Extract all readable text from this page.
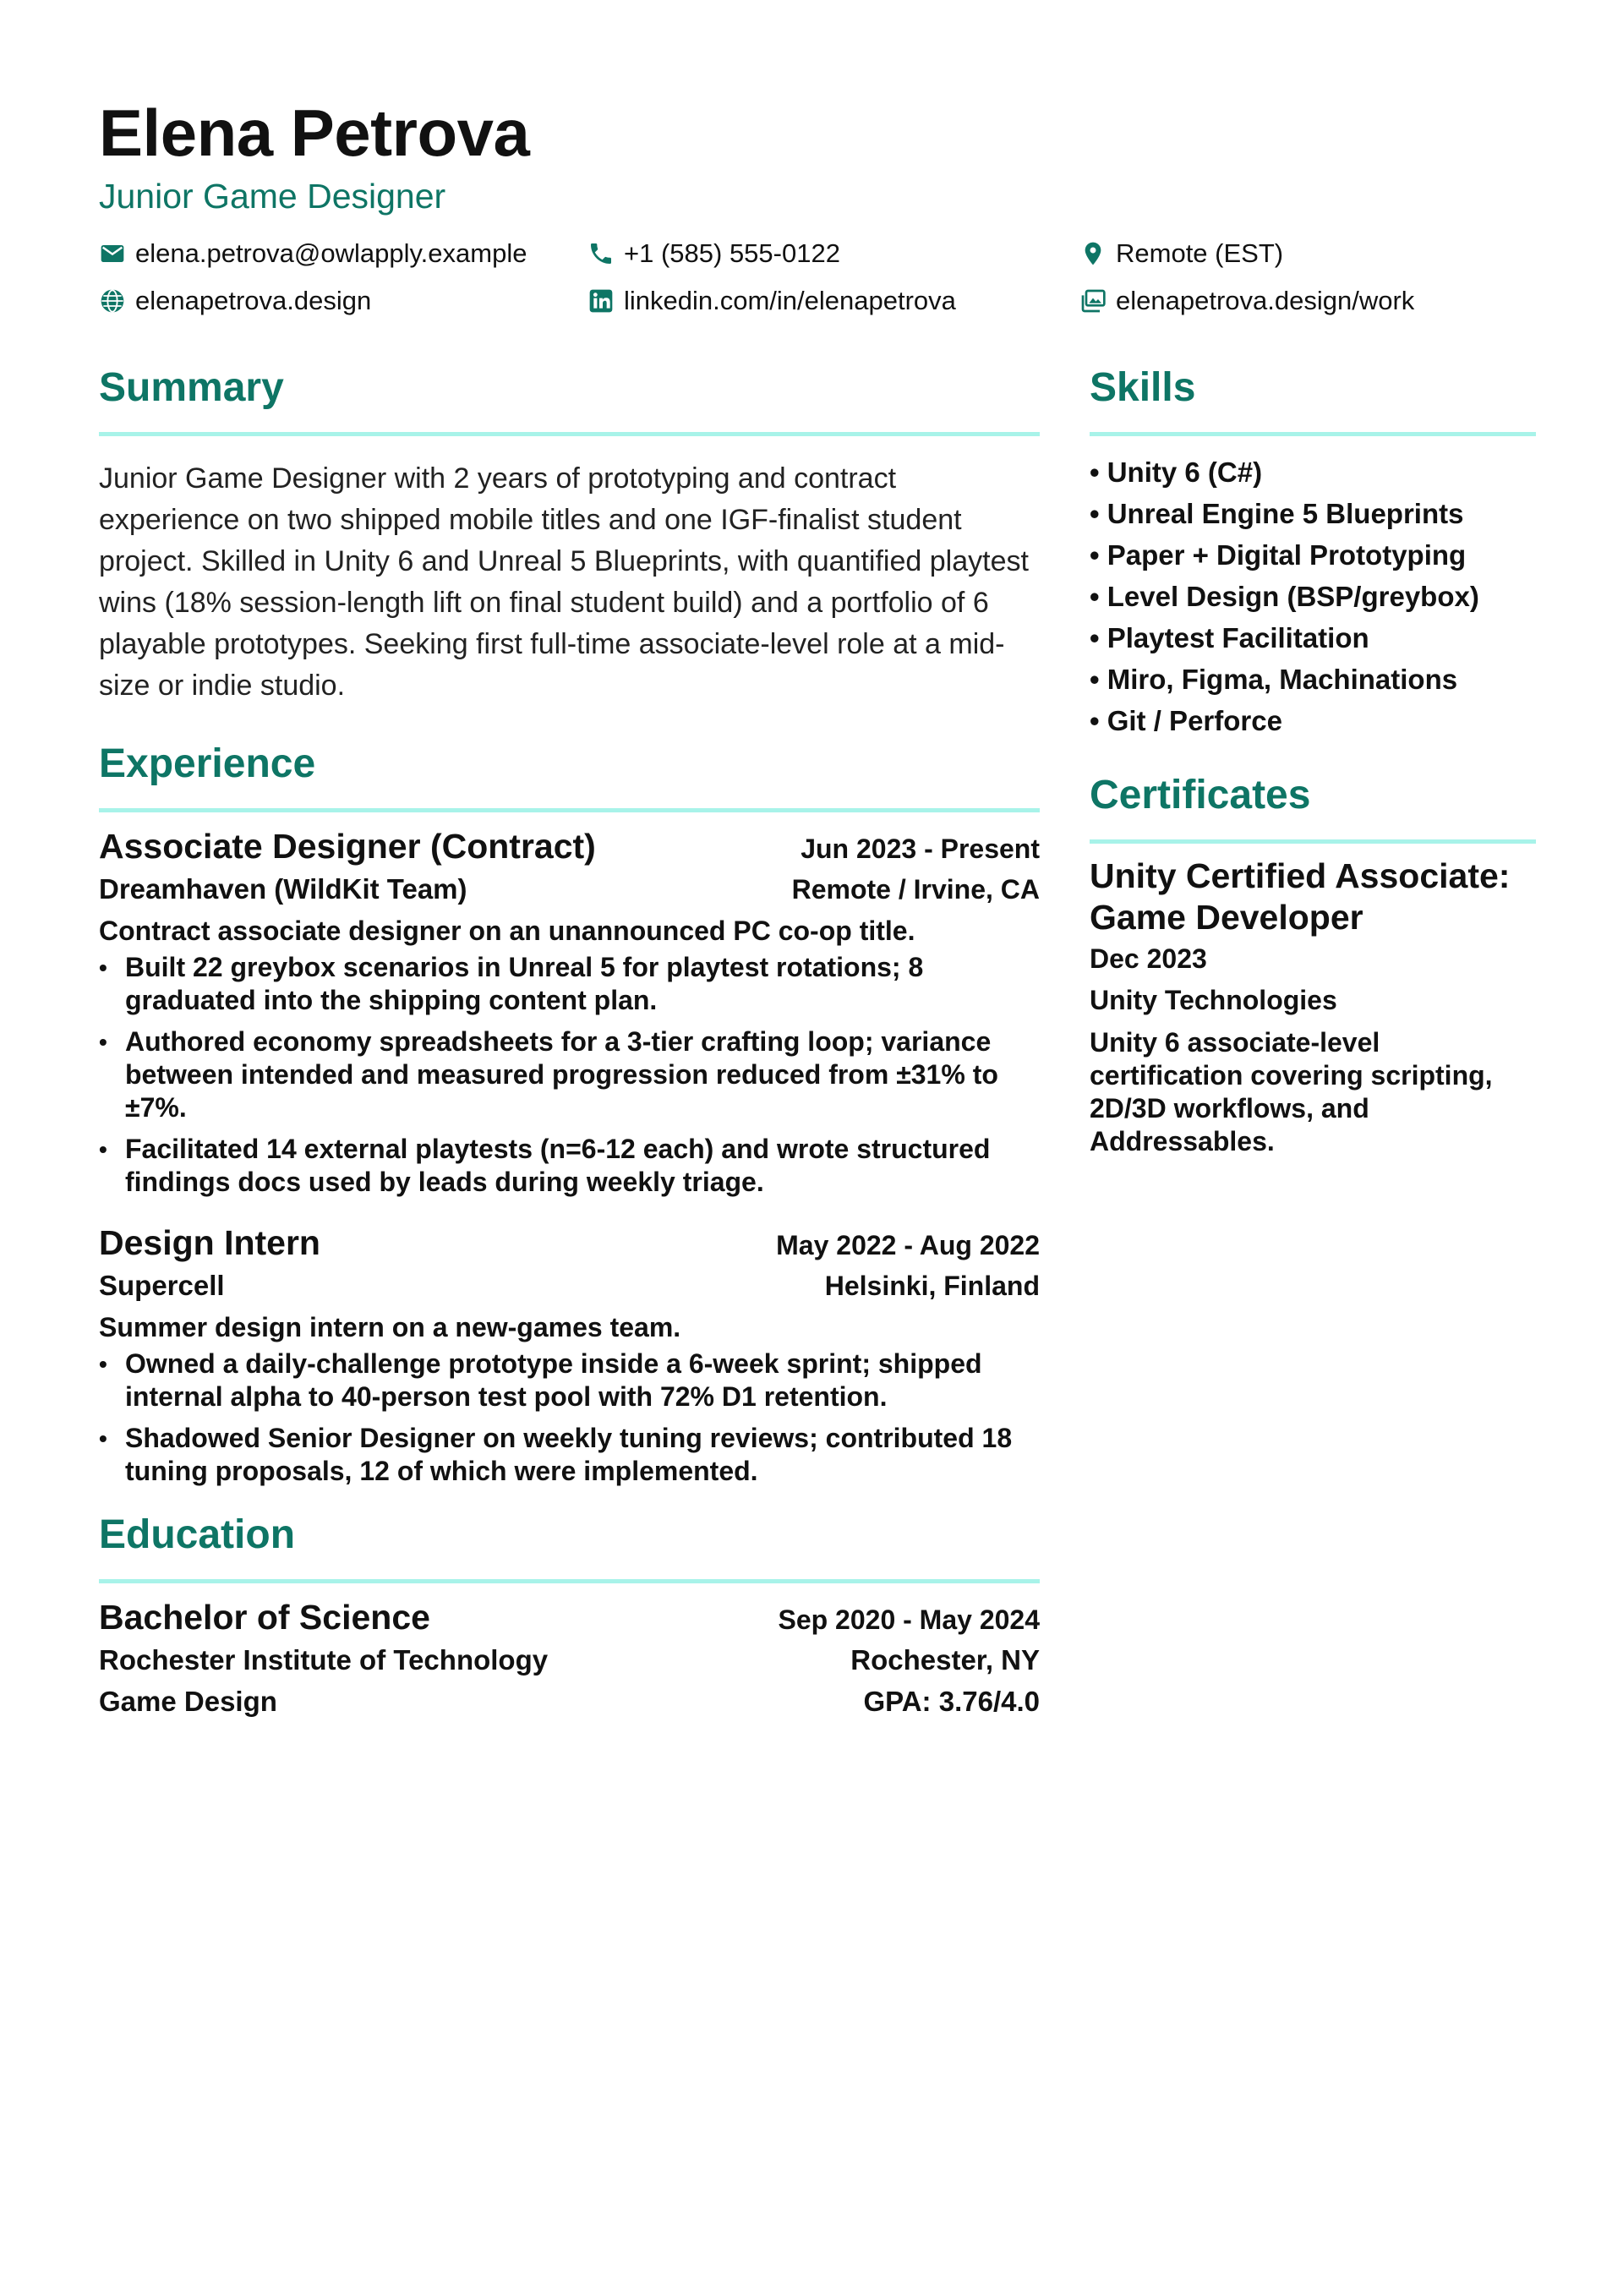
Elena Petrova
Junior Game Designer
elena.petrova@owlapply.example	+1 (585) 555-0122	Remote (EST)
elenapetrova.design	linkedin.com/in/elenapetrova	elenapetrova.design/work
Summary

Junior Game Designer with 2 years of prototyping and contract experience on two shipped mobile titles and one IGF-finalist student project. Skilled in Unity 6 and Unreal 5 Blueprints, with quantified playtest wins (18% session-length lift on final student build) and a portfolio of 6 playable prototypes. Seeking first full-time associate-level role at a mid-size or indie studio.

Experience
Associate Designer (Contract)	Jun 2023 - Present
Dreamhaven (WildKit Team)	Remote / Irvine, CA
Contract associate designer on an unannounced PC co-op title.
• Built 22 greybox scenarios in Unreal 5 for playtest rotations; 8 graduated into the shipping content plan.
• Authored economy spreadsheets for a 3-tier crafting loop; variance between intended and measured progression reduced from ±31% to ±7%.
• Facilitated 14 external playtests (n=6-12 each) and wrote structured findings docs used by leads during weekly triage.
Design Intern	May 2022 - Aug 2022
Supercell	Helsinki, Finland
Summer design intern on a new-games team.
• Owned a daily-challenge prototype inside a 6-week sprint; shipped internal alpha to 40-person test pool with 72% D1 retention.
• Shadowed Senior Designer on weekly tuning reviews; contributed 18 tuning proposals, 12 of which were implemented.
Education
Bachelor of Science	Sep 2020 - May 2024
Rochester Institute of Technology	Rochester, NY
Game Design	GPA: 3.76/4.0
Skills
• Unity 6 (C#)
• Unreal Engine 5 Blueprints
• Paper + Digital Prototyping
• Level Design (BSP/greybox)
• Playtest Facilitation
• Miro, Figma, Machinations
• Git / Perforce
Certificates
Unity Certified Associate: Game Developer
Dec 2023
Unity Technologies
Unity 6 associate-level certification covering scripting, 2D/3D workflows, and Addressables.
